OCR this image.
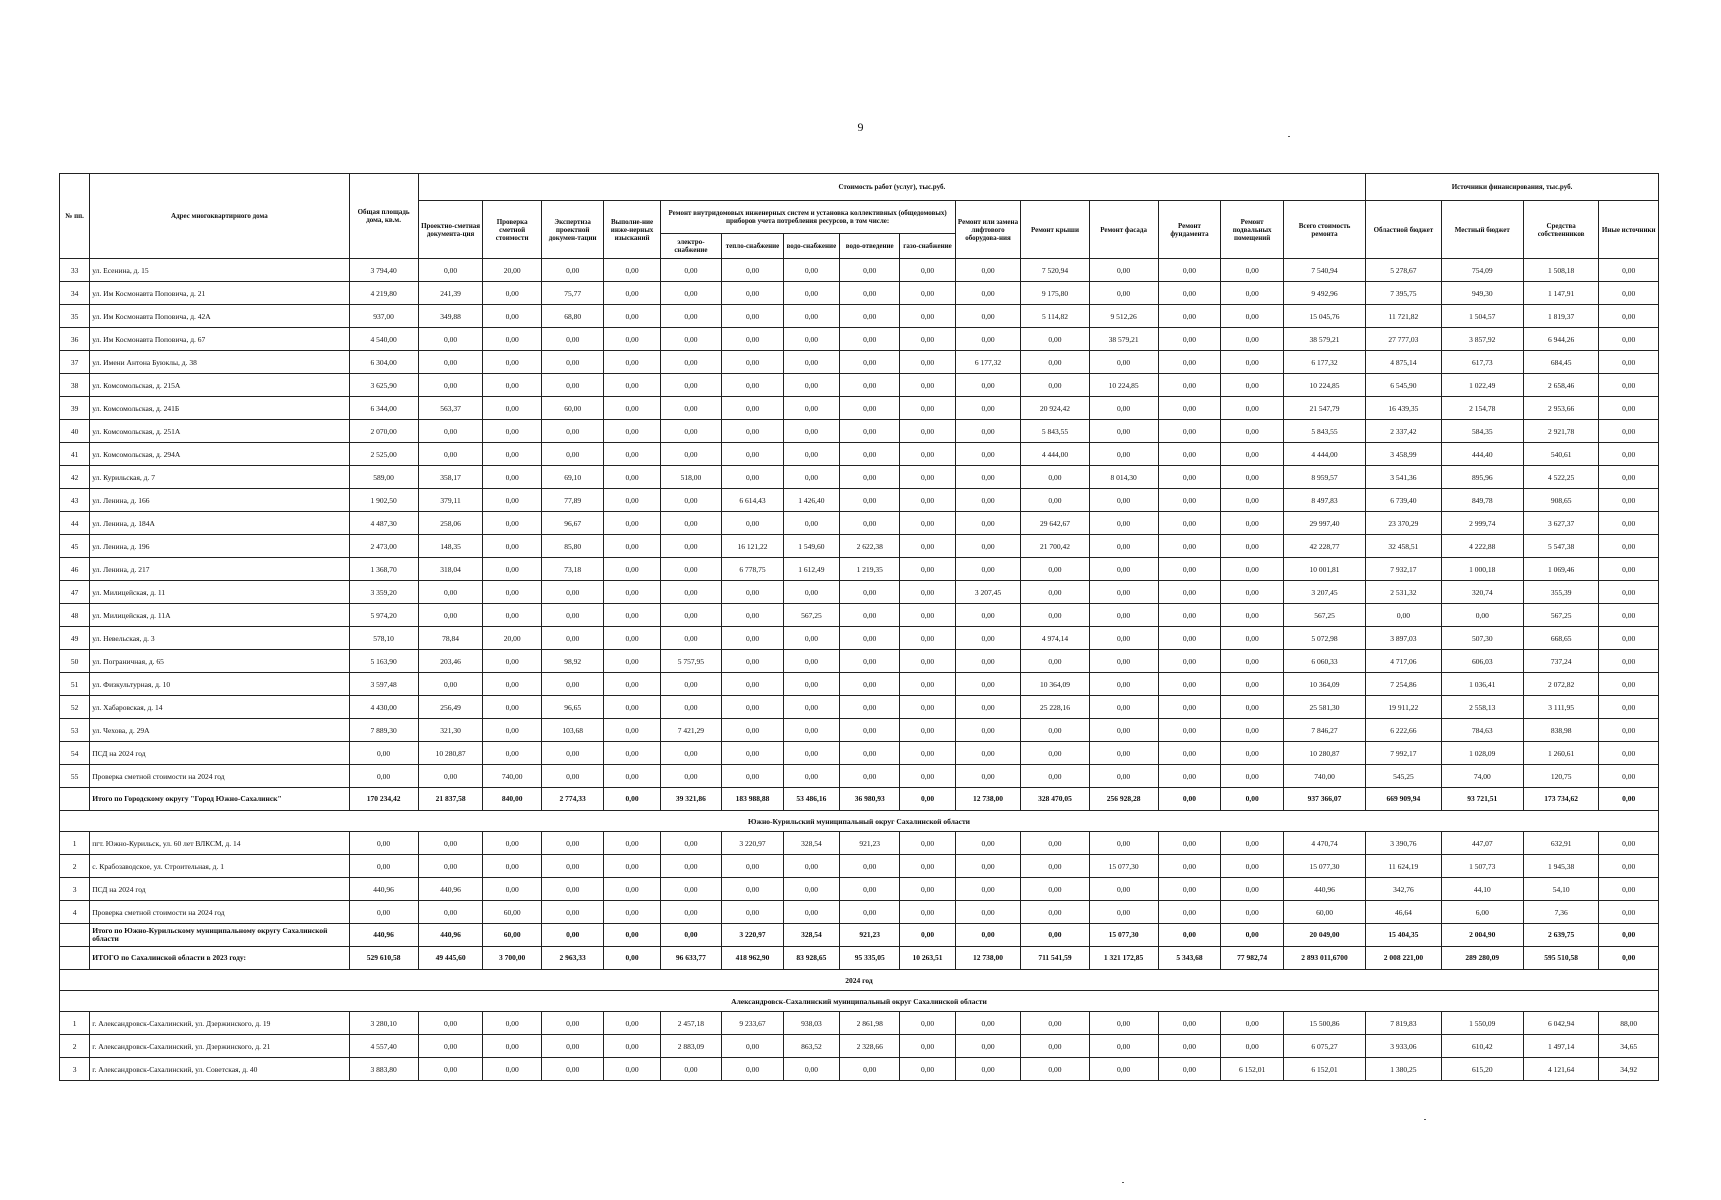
9
№ пп.	Адрес многоквартирного дома	Общая площадь дома, кв.м.	Стоимость работ (услуг), тыс.руб.															Источники финансирования, тыс.руб.			
			Проектно-сметная документа-ция	Проверка сметной стоимости	Экспертиза проектной докумен-тации	Выполне-ние инже-нерных изысканий	Ремонт внутридомовых инженерных систем и установка коллективных (общедомовых) приборов учета потребления ресурсов, в том числе:					Ремонт или замена лифтового оборудова-ния	Ремонт крыши	Ремонт фасада	Ремонт фундамента	Ремонт подвальных помещений	Всего стоимость ремонта	Областной бюджет	Местный бюджет	Средства собственников	Иные источники
							электро-снабжение	тепло-снабжение	водо-снабжение	водо-отведение	газо-снабжение										
33	ул. Есенина, д. 15	3 794,40	0,00	20,00	0,00	0,00	0,00	0,00	0,00	0,00	0,00	0,00	7 520,94	0,00	0,00	0,00	7 540,94	5 278,67	754,09	1 508,18	0,00
34	ул. Им Космонавта Поповича, д. 21	4 219,80	241,39	0,00	75,77	0,00	0,00	0,00	0,00	0,00	0,00	0,00	9 175,80	0,00	0,00	0,00	9 492,96	7 395,75	949,30	1 147,91	0,00
35	ул. Им Космонавта Поповича, д. 42А	937,00	349,88	0,00	68,80	0,00	0,00	0,00	0,00	0,00	0,00	0,00	5 114,82	9 512,26	0,00	0,00	15 045,76	11 721,82	1 504,57	1 819,37	0,00
36	ул. Им Космонавта Поповича, д. 67	4 540,00	0,00	0,00	0,00	0,00	0,00	0,00	0,00	0,00	0,00	0,00	0,00	38 579,21	0,00	0,00	38 579,21	27 777,03	3 857,92	6 944,26	0,00
37	ул. Имени Антона Буюклы, д. 38	6 304,00	0,00	0,00	0,00	0,00	0,00	0,00	0,00	0,00	0,00	6 177,32	0,00	0,00	0,00	0,00	6 177,32	4 875,14	617,73	684,45	0,00
38	ул. Комсомольская, д. 215А	3 625,90	0,00	0,00	0,00	0,00	0,00	0,00	0,00	0,00	0,00	0,00	0,00	10 224,85	0,00	0,00	10 224,85	6 545,90	1 022,49	2 658,46	0,00
39	ул. Комсомольская, д. 241Б	6 344,00	563,37	0,00	60,00	0,00	0,00	0,00	0,00	0,00	0,00	0,00	20 924,42	0,00	0,00	0,00	21 547,79	16 439,35	2 154,78	2 953,66	0,00
40	ул. Комсомольская, д. 251А	2 070,00	0,00	0,00	0,00	0,00	0,00	0,00	0,00	0,00	0,00	0,00	5 843,55	0,00	0,00	0,00	5 843,55	2 337,42	584,35	2 921,78	0,00
41	ул. Комсомольская, д. 294А	2 525,00	0,00	0,00	0,00	0,00	0,00	0,00	0,00	0,00	0,00	0,00	4 444,00	0,00	0,00	0,00	4 444,00	3 458,99	444,40	540,61	0,00
42	ул. Курильская, д. 7	589,00	358,17	0,00	69,10	0,00	518,00	0,00	0,00	0,00	0,00	0,00	0,00	8 014,30	0,00	0,00	8 959,57	3 541,36	895,96	4 522,25	0,00
43	ул. Ленина, д. 166	1 902,50	379,11	0,00	77,89	0,00	0,00	6 614,43	1 426,40	0,00	0,00	0,00	0,00	0,00	0,00	0,00	8 497,83	6 739,40	849,78	908,65	0,00
44	ул. Ленина, д. 184А	4 487,30	258,06	0,00	96,67	0,00	0,00	0,00	0,00	0,00	0,00	0,00	29 642,67	0,00	0,00	0,00	29 997,40	23 370,29	2 999,74	3 627,37	0,00
45	ул. Ленина, д. 196	2 473,00	148,35	0,00	85,80	0,00	0,00	16 121,22	1 549,60	2 622,38	0,00	0,00	21 700,42	0,00	0,00	0,00	42 228,77	32 458,51	4 222,88	5 547,38	0,00
46	ул. Ленина, д. 217	1 368,70	318,04	0,00	73,18	0,00	0,00	6 778,75	1 612,49	1 219,35	0,00	0,00	0,00	0,00	0,00	0,00	10 001,81	7 932,17	1 000,18	1 069,46	0,00
47	ул. Милицейская, д. 11	3 359,20	0,00	0,00	0,00	0,00	0,00	0,00	0,00	0,00	0,00	3 207,45	0,00	0,00	0,00	0,00	3 207,45	2 531,32	320,74	355,39	0,00
48	ул. Милицейская, д. 11А	5 974,20	0,00	0,00	0,00	0,00	0,00	0,00	567,25	0,00	0,00	0,00	0,00	0,00	0,00	0,00	567,25	0,00	0,00	567,25	0,00
49	ул. Невельская, д. 3	578,10	78,84	20,00	0,00	0,00	0,00	0,00	0,00	0,00	0,00	0,00	4 974,14	0,00	0,00	0,00	5 072,98	3 897,03	507,30	668,65	0,00
50	ул. Пограничная, д. 65	5 163,90	203,46	0,00	98,92	0,00	5 757,95	0,00	0,00	0,00	0,00	0,00	0,00	0,00	0,00	0,00	6 060,33	4 717,06	606,03	737,24	0,00
51	ул. Физкультурная, д. 10	3 597,48	0,00	0,00	0,00	0,00	0,00	0,00	0,00	0,00	0,00	0,00	10 364,09	0,00	0,00	0,00	10 364,09	7 254,86	1 036,41	2 072,82	0,00
52	ул. Хабаровская, д. 14	4 430,00	256,49	0,00	96,65	0,00	0,00	0,00	0,00	0,00	0,00	0,00	25 228,16	0,00	0,00	0,00	25 581,30	19 911,22	2 558,13	3 111,95	0,00
53	ул. Чехова, д. 29А	7 889,30	321,30	0,00	103,68	0,00	7 421,29	0,00	0,00	0,00	0,00	0,00	0,00	0,00	0,00	0,00	7 846,27	6 222,66	784,63	838,98	0,00
54	ПСД на 2024 год	0,00	10 280,87	0,00	0,00	0,00	0,00	0,00	0,00	0,00	0,00	0,00	0,00	0,00	0,00	0,00	10 280,87	7 992,17	1 028,09	1 260,61	0,00
55	Проверка сметной стоимости на 2024 год	0,00	0,00	740,00	0,00	0,00	0,00	0,00	0,00	0,00	0,00	0,00	0,00	0,00	0,00	0,00	740,00	545,25	74,00	120,75	0,00
	Итого по Городскому округу "Город Южно-Сахалинск"	170 234,42	21 837,58	840,00	2 774,33	0,00	39 321,86	183 988,88	53 486,16	36 980,93	0,00	12 738,00	328 470,05	256 928,28	0,00	0,00	937 366,07	669 909,94	93 721,51	173 734,62	0,00
Южно-Курильский муниципальный округ Сахалинской области																					
1	пгт. Южно-Курильск, ул. 60 лет ВЛКСМ, д. 14	0,00	0,00	0,00	0,00	0,00	0,00	3 220,97	328,54	921,23	0,00	0,00	0,00	0,00	0,00	0,00	4 470,74	3 390,76	447,07	632,91	0,00
2	с. Крабозаводское, ул. Строительная, д. 1	0,00	0,00	0,00	0,00	0,00	0,00	0,00	0,00	0,00	0,00	0,00	0,00	15 077,30	0,00	0,00	15 077,30	11 624,19	1 507,73	1 945,38	0,00
3	ПСД на 2024 год	440,96	440,96	0,00	0,00	0,00	0,00	0,00	0,00	0,00	0,00	0,00	0,00	0,00	0,00	0,00	440,96	342,76	44,10	54,10	0,00
4	Проверка сметной стоимости на 2024 год	0,00	0,00	60,00	0,00	0,00	0,00	0,00	0,00	0,00	0,00	0,00	0,00	0,00	0,00	0,00	60,00	46,64	6,00	7,36	0,00
	Итого по Южно-Курильскому муниципальному округу Сахалинской области	440,96	440,96	60,00	0,00	0,00	0,00	3 220,97	328,54	921,23	0,00	0,00	0,00	15 077,30	0,00	0,00	20 049,00	15 404,35	2 004,90	2 639,75	0,00
	ИТОГО по Сахалинской области в 2023 году:	529 610,58	49 445,60	3 700,00	2 963,33	0,00	96 633,77	418 962,90	83 928,65	95 335,05	10 263,51	12 738,00	711 541,59	1 321 172,85	5 343,68	77 982,74	2 893 011,6700	2 008 221,00	289 280,09	595 510,58	0,00
2024 год																					
Александровск-Сахалинский муниципальный округ Сахалинской области																					
1	г. Александровск-Сахалинский, ул. Дзержинского, д. 19	3 280,10	0,00	0,00	0,00	0,00	2 457,18	9 233,67	938,03	2 861,98	0,00	0,00	0,00	0,00	0,00	0,00	15 500,86	7 819,83	1 550,09	6 042,94	88,00
2	г. Александровск-Сахалинский, ул. Дзержинского, д. 21	4 557,40	0,00	0,00	0,00	0,00	2 883,09	0,00	863,52	2 328,66	0,00	0,00	0,00	0,00	0,00	0,00	6 075,27	3 933,06	610,42	1 497,14	34,65
3	г. Александровск-Сахалинский, ул. Советская, д. 40	3 883,80	0,00	0,00	0,00	0,00	0,00	0,00	0,00	0,00	0,00	0,00	0,00	0,00	0,00	6 152,01	6 152,01	1 380,25	615,20	4 121,64	34,92
